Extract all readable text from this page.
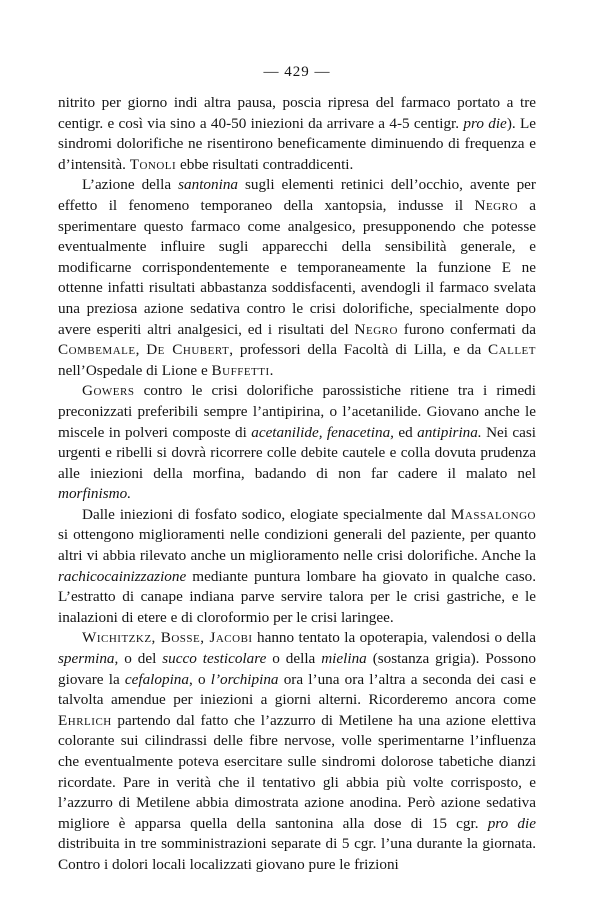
— 429 —

nitrito per giorno indi altra pausa, poscia ripresa del farmaco portato a tre centigr. e così via sino a 40-50 iniezioni da arrivare a 4-5 centigr. pro die). Le sindromi dolorifiche ne risentirono beneficamente diminuendo di frequenza e d’intensità. Tonoli ebbe risultati contraddicenti.

L’azione della santonina sugli elementi retinici dell’occhio, avente per effetto il fenomeno temporaneo della xantopsia, indusse il Negro a sperimentare questo farmaco come analgesico, presupponendo che potesse eventualmente influire sugli apparecchi della sensibilità generale, e modificarne corrispondentemente e temporaneamente la funzione E ne ottenne infatti risultati abbastanza soddisfacenti, avendogli il farmaco svelata una preziosa azione sedativa contro le crisi dolorifiche, specialmente dopo avere esperiti altri analgesici, ed i risultati del Negro furono confermati da Combemale, De Chubert, professori della Facoltà di Lilla, e da Callet nell’Ospedale di Lione e Buffetti.

Gowers contro le crisi dolorifiche parossistiche ritiene tra i rimedi preconizzati preferibili sempre l’antipirina, o l’acetanilide. Giovano anche le miscele in polveri composte di acetanilide, fenacetina, ed antipirina. Nei casi urgenti e ribelli si dovrà ricorrere colle debite cautele e colla dovuta prudenza alle iniezioni della morfina, badando di non far cadere il malato nel morfinismo.

Dalle iniezioni di fosfato sodico, elogiate specialmente dal Massalongo si ottengono miglioramenti nelle condizioni generali del paziente, per quanto altri vi abbia rilevato anche un miglioramento nelle crisi dolorifiche. Anche la rachicocainizzazione mediante puntura lombare ha giovato in qualche caso. L’estratto di canape indiana parve servire talora per le crisi gastriche, e le inalazioni di etere e di cloroformio per le crisi laringee.

Wichitzkz, Bosse, Jacobi hanno tentato la opoterapia, valendosi o della spermina, o del succo testicolare o della mielina (sostanza grigia). Possono giovare la cefalopina, o l’orchipina ora l’una ora l’altra a seconda dei casi e talvolta amendue per iniezioni a giorni alterni. Ricorderemo ancora come Ehrlich partendo dal fatto che l’azzurro di Metilene ha una azione elettiva colorante sui cilindrassi delle fibre nervose, volle sperimentarne l’influenza che eventualmente poteva esercitare sulle sindromi dolorose tabetiche dianzi ricordate. Pare in verità che il tentativo gli abbia più volte corrisposto, e l’azzurro di Metilene abbia dimostrata azione anodina. Però azione sedativa migliore è apparsa quella della santonina alla dose di 15 cgr. pro die distribuita in tre somministrazioni separate di 5 cgr. l’una durante la giornata. Contro i dolori locali localizzati giovano pure le frizioni
